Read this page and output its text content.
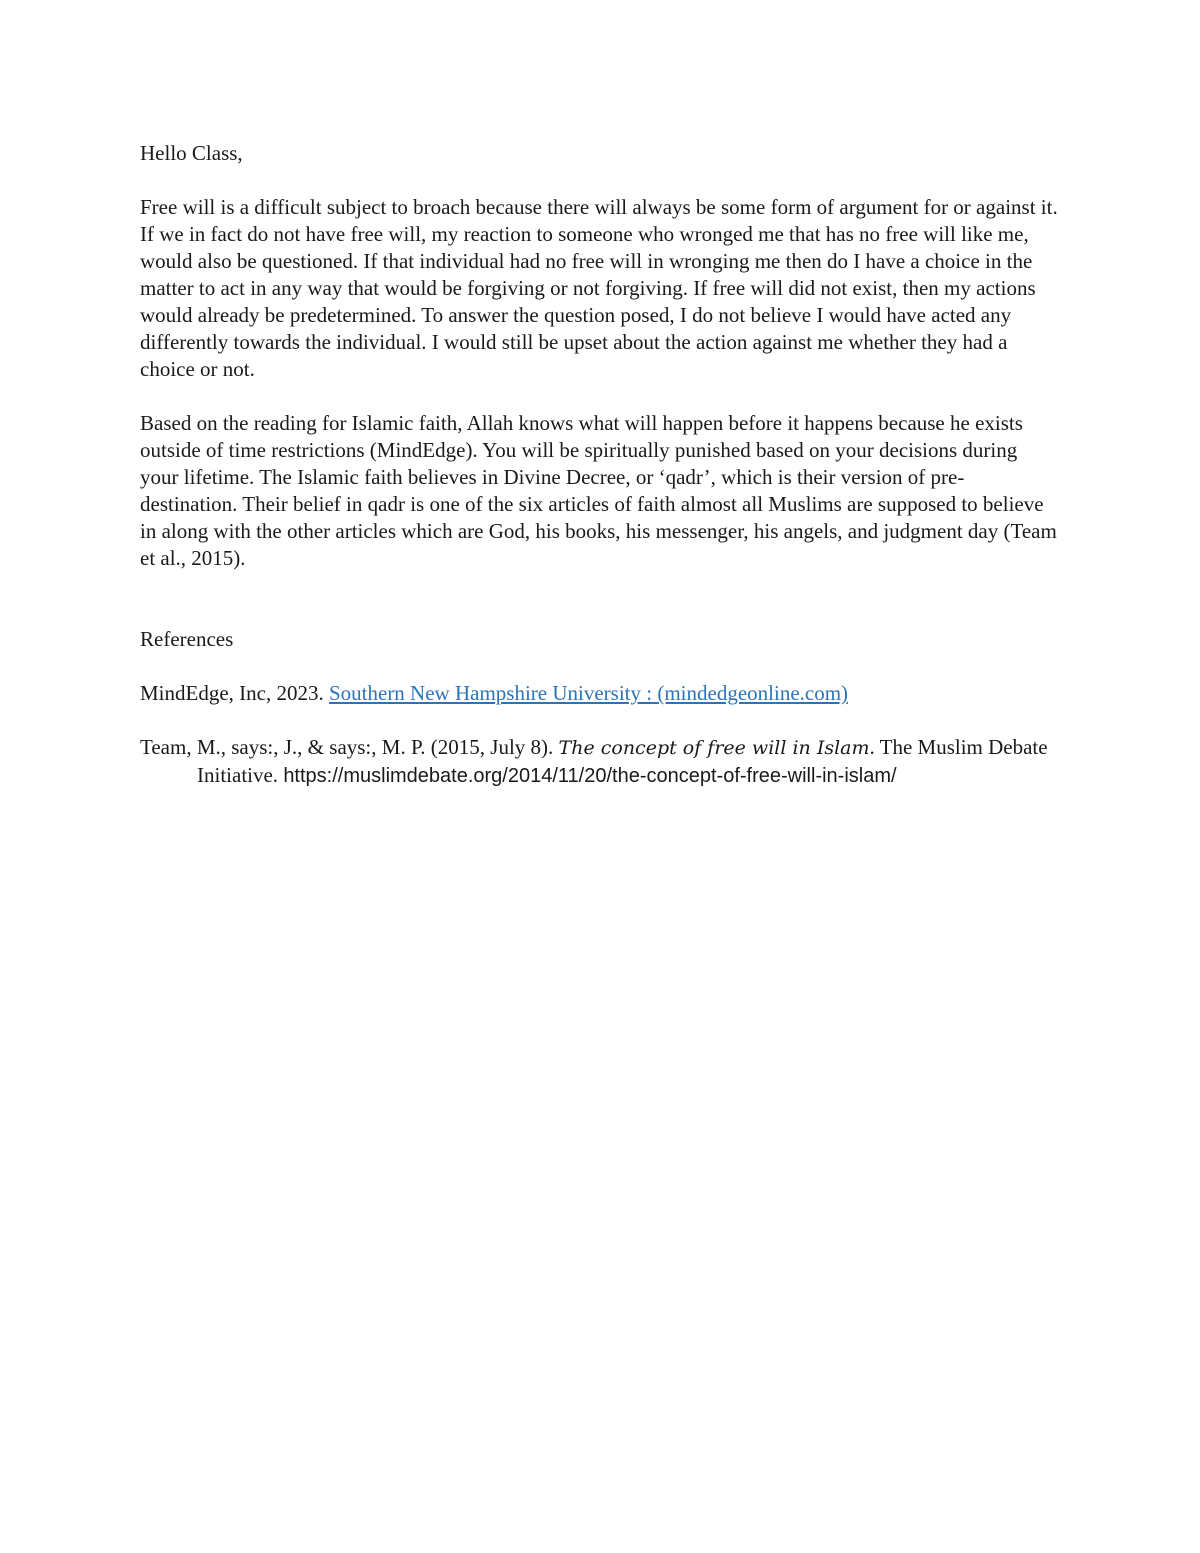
Hello Class,

Free will is a difficult subject to broach because there will always be some form of argument for or against it. If we in fact do not have free will, my reaction to someone who wronged me that has no free will like me, would also be questioned. If that individual had no free will in wronging me then do I have a choice in the matter to act in any way that would be forgiving or not forgiving. If free will did not exist, then my actions would already be predetermined. To answer the question posed, I do not believe I would have acted any differently towards the individual. I would still be upset about the action against me whether they had a choice or not.

Based on the reading for Islamic faith, Allah knows what will happen before it happens because he exists outside of time restrictions (MindEdge). You will be spiritually punished based on your decisions during your lifetime. The Islamic faith believes in Divine Decree, or ‘qadr’, which is their version of pre-destination. Their belief in qadr is one of the six articles of faith almost all Muslims are supposed to believe in along with the other articles which are God, his books, his messenger, his angels, and judgment day (Team et al., 2015).

References

MindEdge, Inc, 2023. Southern New Hampshire University : (mindedgeonline.com)

Team, M., says:, J., & says:, M. P. (2015, July 8). The concept of free will in Islam. The Muslim Debate Initiative. https://muslimdebate.org/2014/11/20/the-concept-of-free-will-in-islam/
